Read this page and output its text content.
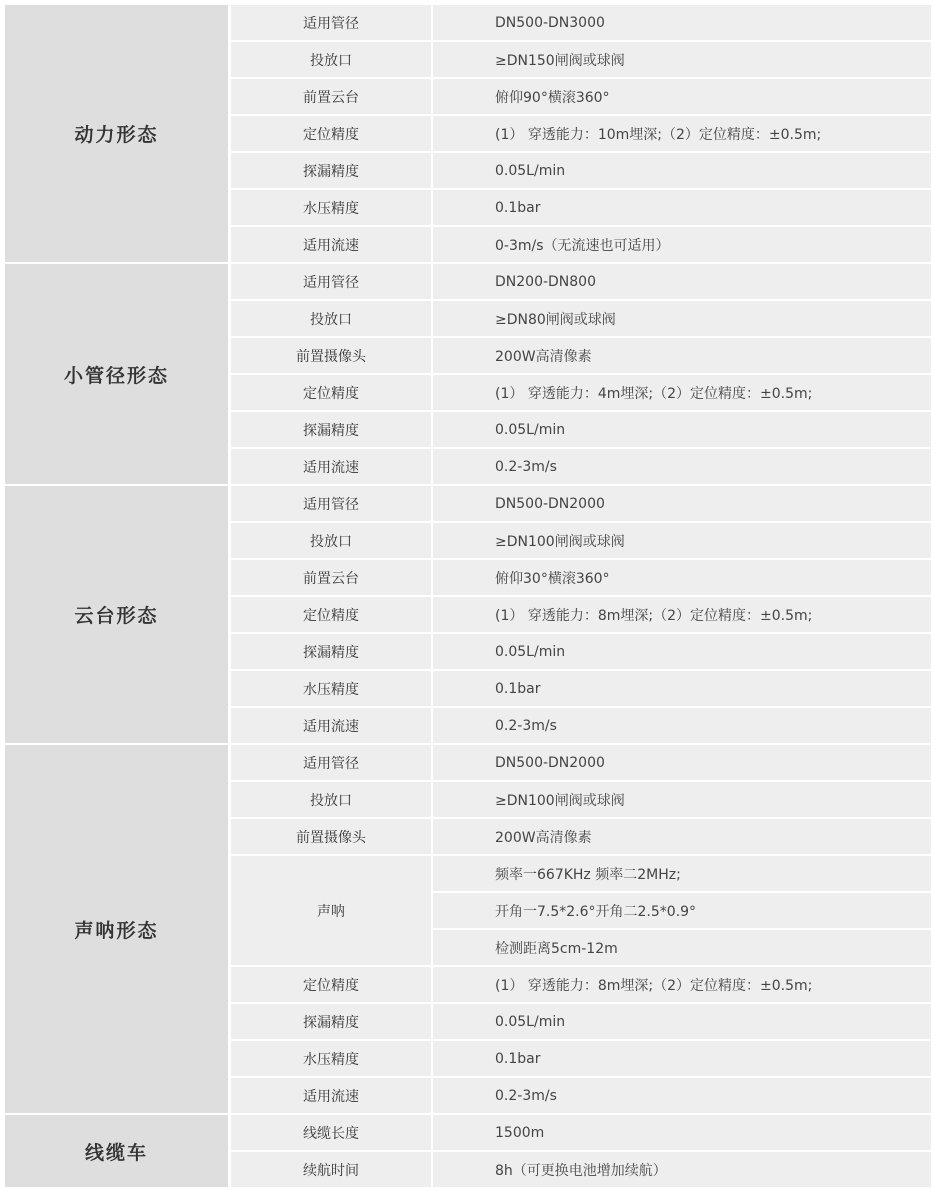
动力形态
适用管径	DN500-DN3000
投放口	≥DN150闸阀或球阀
前置云台	俯仰90°横滚360°
定位精度	(1） 穿透能力：10m埋深;（2）定位精度：±0.5m;
探漏精度	0.05L/min
水压精度	0.1bar
适用流速	0-3m/s（无流速也可适用）
小管径形态
适用管径	DN200-DN800
投放口	≥DN80闸阀或球阀
前置摄像头	200W高清像素
定位精度	(1） 穿透能力：4m埋深;（2）定位精度：±0.5m;
探漏精度	0.05L/min
适用流速	0.2-3m/s
云台形态
适用管径	DN500-DN2000
投放口	≥DN100闸阀或球阀
前置云台	俯仰30°横滚360°
定位精度	(1） 穿透能力：8m埋深;（2）定位精度：±0.5m;
探漏精度	0.05L/min
水压精度	0.1bar
适用流速	0.2-3m/s
声呐形态
适用管径	DN500-DN2000
投放口	≥DN100闸阀或球阀
前置摄像头	200W高清像素
声呐
频率一667KHz 频率二2MHz;
开角一7.5*2.6°开角二2.5*0.9°
检测距离5cm-12m
定位精度	(1） 穿透能力：8m埋深;（2）定位精度：±0.5m;
探漏精度	0.05L/min
水压精度	0.1bar
适用流速	0.2-3m/s
线缆车
线缆长度	1500m
续航时间	8h（可更换电池增加续航）
